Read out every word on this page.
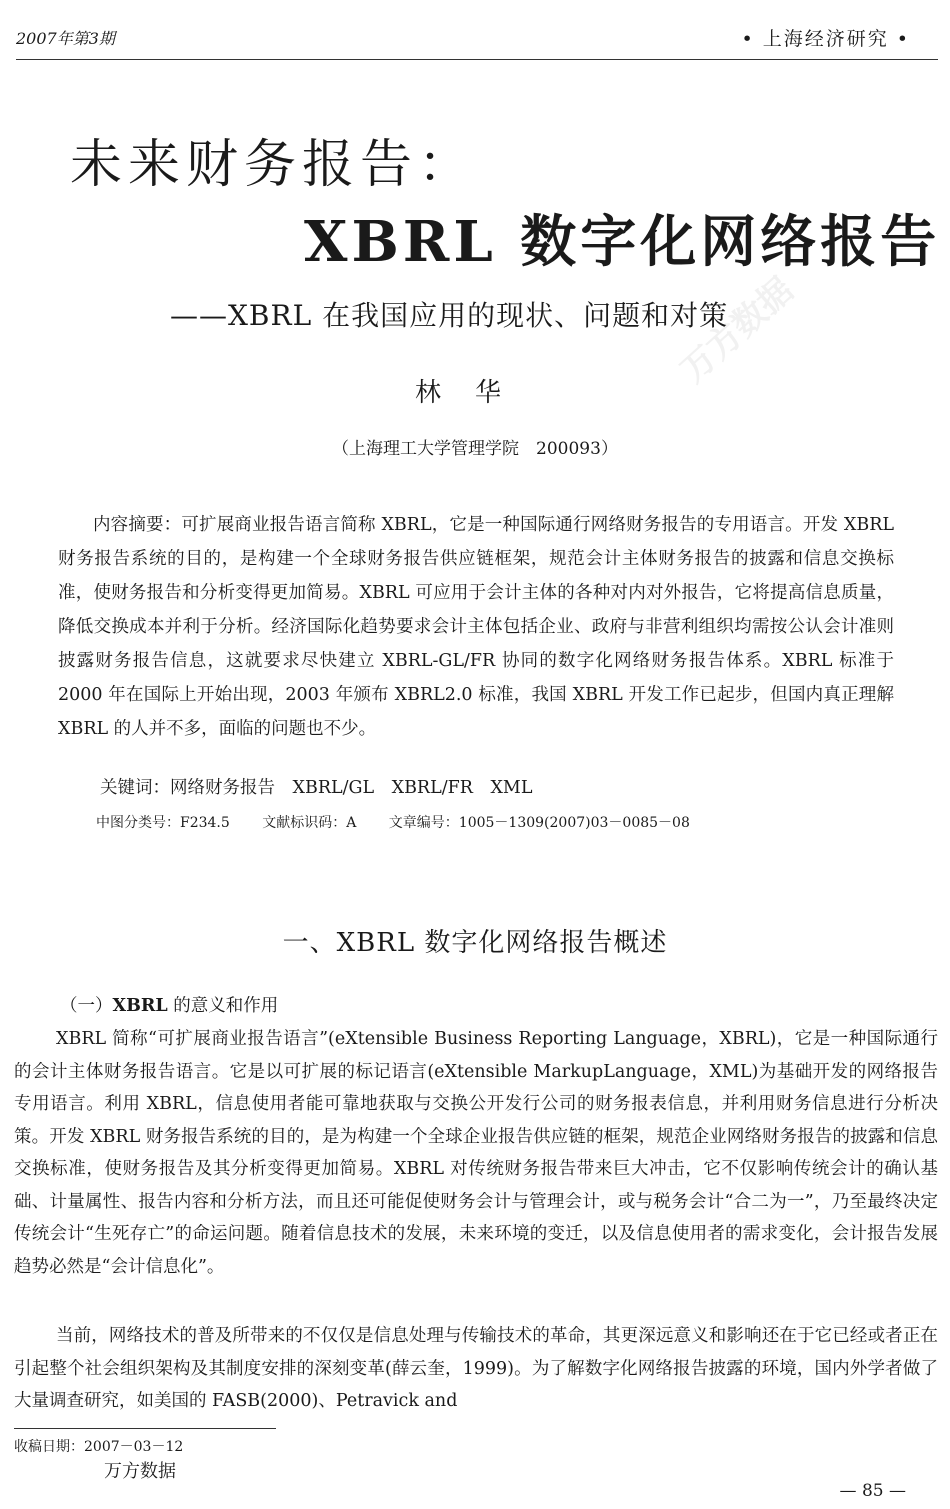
2007年第3期	• 上海经济研究 •
万方数据
未来财务报告：
XBRL 数字化网络报告
——XBRL 在我国应用的现状、问题和对策
林华
（上海理工大学管理学院　200093）
内容摘要：可扩展商业报告语言简称 XBRL，它是一种国际通行网络财务报告的专用语言。开发 XBRL 财务报告系统的目的，是构建一个全球财务报告供应链框架，规范会计主体财务报告的披露和信息交换标准，使财务报告和分析变得更加简易。XBRL 可应用于会计主体的各种对内对外报告，它将提高信息质量，降低交换成本并利于分析。经济国际化趋势要求会计主体包括企业、政府与非营利组织均需按公认会计准则披露财务报告信息，这就要求尽快建立 XBRL-GL/FR 协同的数字化网络财务报告体系。XBRL 标准于 2000 年在国际上开始出现，2003 年颁布 XBRL2.0 标准，我国 XBRL 开发工作已起步，但国内真正理解 XBRL 的人并不多，面临的问题也不少。
关键词：网络财务报告　XBRL/GL　XBRL/FR　XML
中图分类号：F234.5　　 文献标识码：A　　 文章编号：1005－1309(2007)03－0085－08
一、XBRL 数字化网络报告概述
（一）XBRL 的意义和作用
XBRL 简称“可扩展商业报告语言”(eXtensible Business Reporting Language，XBRL)，它是一种国际通行的会计主体财务报告语言。它是以可扩展的标记语言(eXtensible MarkupLanguage，XML)为基础开发的网络报告专用语言。利用 XBRL，信息使用者能可靠地获取与交换公开发行公司的财务报表信息，并利用财务信息进行分析决策。开发 XBRL 财务报告系统的目的，是为构建一个全球企业报告供应链的框架，规范企业网络财务报告的披露和信息交换标准，使财务报告及其分析变得更加简易。XBRL 对传统财务报告带来巨大冲击，它不仅影响传统会计的确认基础、计量属性、报告内容和分析方法，而且还可能促使财务会计与管理会计，或与税务会计“合二为一”，乃至最终决定传统会计“生死存亡”的命运问题。随着信息技术的发展，未来环境的变迁，以及信息使用者的需求变化，会计报告发展趋势必然是“会计信息化”。
当前，网络技术的普及所带来的不仅仅是信息处理与传输技术的革命，其更深远意义和影响还在于它已经或者正在引起整个社会组织架构及其制度安排的深刻变革(薛云奎，1999)。为了解数字化网络报告披露的环境，国内外学者做了大量调查研究，如美国的 FASB(2000)、Petravick and
收稿日期：2007－03－12
万方数据
— 85 —
